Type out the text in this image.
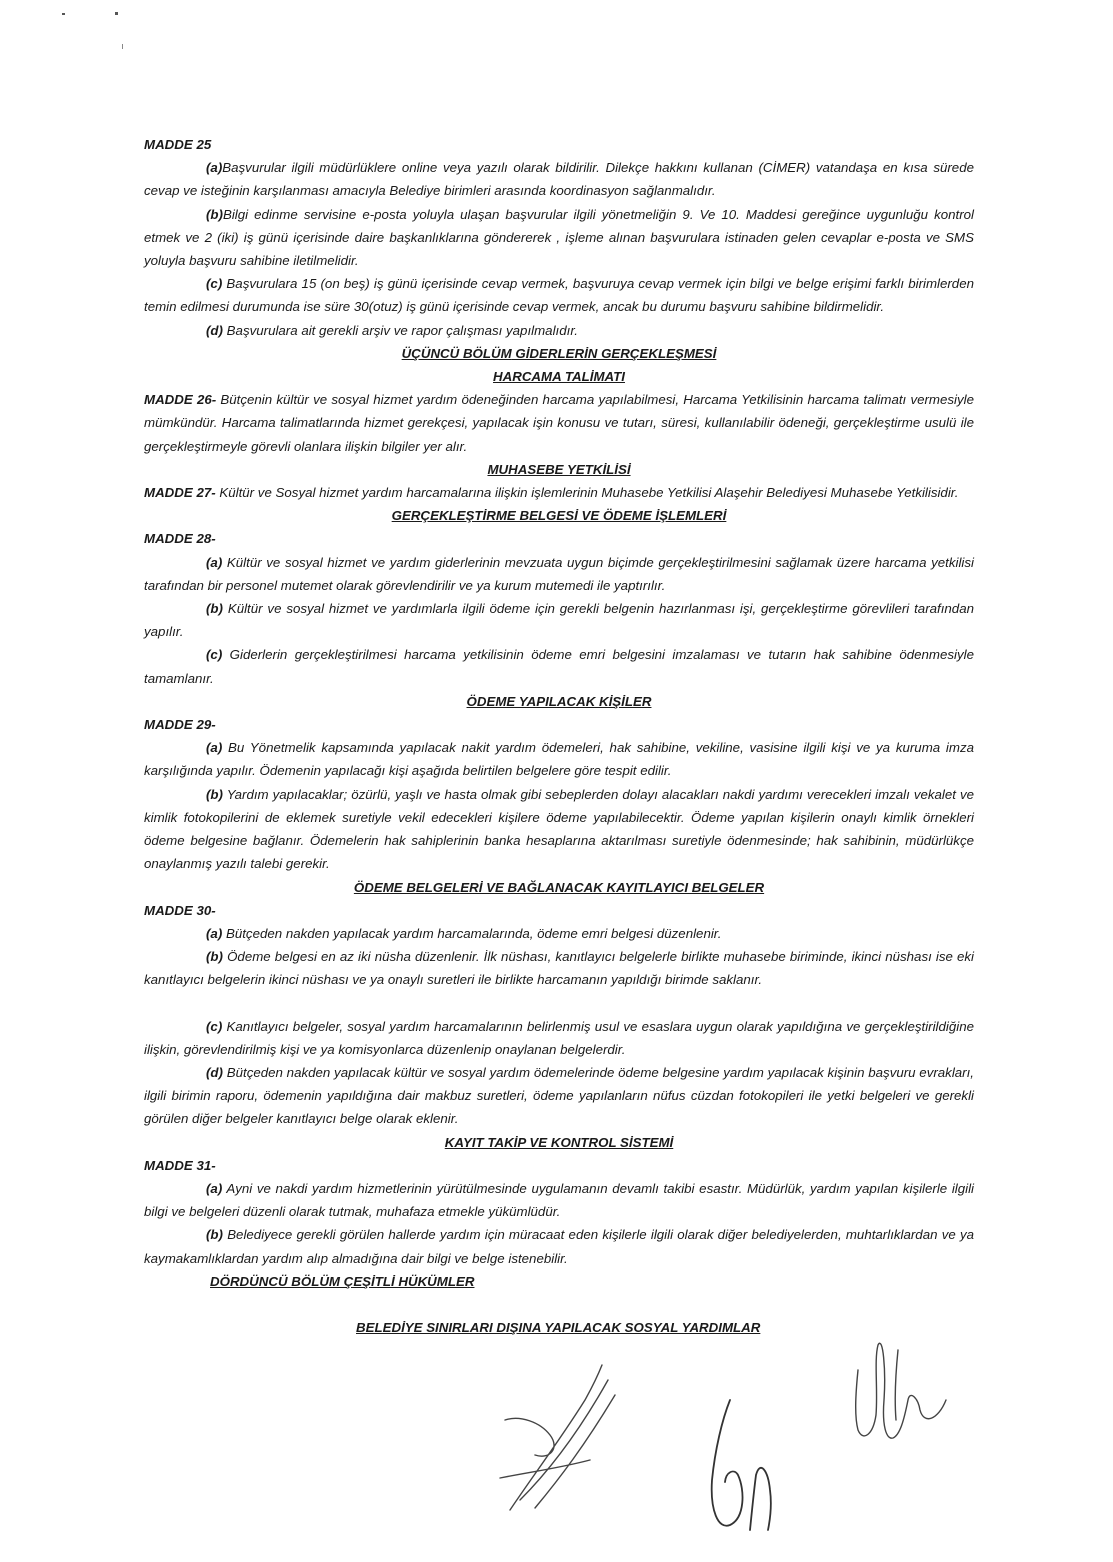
MADDE 25

(a)Başvurular ilgili müdürlüklere online veya yazılı olarak bildirilir. Dilekçe hakkını kullanan (CİMER) vatandaşa en kısa sürede cevap ve isteğinin karşılanması amacıyla Belediye birimleri arasında koordinasyon sağlanmalıdır.

(b)Bilgi edinme servisine e-posta yoluyla ulaşan başvurular ilgili yönetmeliğin 9. Ve 10. Maddesi gereğince uygunluğu kontrol etmek ve 2 (iki) iş günü içerisinde daire başkanlıklarına göndererek , işleme alınan başvurulara istinaden gelen cevaplar e-posta ve SMS yoluyla başvuru sahibine iletilmelidir.

(c) Başvurulara 15 (on beş) iş günü içerisinde cevap vermek, başvuruya cevap vermek için bilgi ve belge erişimi farklı birimlerden temin edilmesi durumunda ise süre 30(otuz) iş günü içerisinde cevap vermek, ancak bu durumu başvuru sahibine bildirmelidir.

(d) Başvurulara ait gerekli arşiv ve rapor çalışması yapılmalıdır.

ÜÇÜNCÜ BÖLÜM GİDERLERİN GERÇEKLEŞMESİ

HARCAMA TALİMATI

MADDE 26- Bütçenin kültür ve sosyal hizmet yardım ödeneğinden harcama yapılabilmesi, Harcama Yetkilisinin harcama talimatı vermesiyle mümkündür. Harcama talimatlarında hizmet gerekçesi, yapılacak işin konusu ve tutarı, süresi, kullanılabilir ödeneği, gerçekleştirme usulü ile gerçekleştirmeyle görevli olanlara ilişkin bilgiler yer alır.

MUHASEBE YETKİLİSİ

MADDE 27- Kültür ve Sosyal hizmet yardım harcamalarına ilişkin işlemlerinin Muhasebe Yetkilisi Alaşehir Belediyesi Muhasebe Yetkilisidir.

GERÇEKLEŞTİRME BELGESİ VE ÖDEME İŞLEMLERİ

MADDE 28-

(a) Kültür ve sosyal hizmet ve yardım giderlerinin mevzuata uygun biçimde gerçekleştirilmesini sağlamak üzere harcama yetkilisi tarafından bir personel mutemet olarak görevlendirilir ve ya kurum mutemedi ile yaptırılır.

(b) Kültür ve sosyal hizmet ve yardımlarla ilgili ödeme için gerekli belgenin hazırlanması işi, gerçekleştirme görevlileri tarafından yapılır.

(c) Giderlerin gerçekleştirilmesi harcama yetkilisinin ödeme emri belgesini imzalaması ve tutarın hak sahibine ödenmesiyle tamamlanır.

ÖDEME YAPILACAK KİŞİLER

MADDE 29-

(a) Bu Yönetmelik kapsamında yapılacak nakit yardım ödemeleri, hak sahibine, vekiline, vasisine ilgili kişi ve ya kuruma imza karşılığında yapılır. Ödemenin yapılacağı kişi aşağıda belirtilen belgelere göre tespit edilir.

(b) Yardım yapılacaklar; özürlü, yaşlı ve hasta olmak gibi sebeplerden dolayı alacakları nakdi yardımı verecekleri imzalı vekalet ve kimlik fotokopilerini de eklemek suretiyle vekil edecekleri kişilere ödeme yapılabilecektir. Ödeme yapılan kişilerin onaylı kimlik örnekleri ödeme belgesine bağlanır. Ödemelerin hak sahiplerinin banka hesaplarına aktarılması suretiyle ödenmesinde; hak sahibinin, müdürlükçe onaylanmış yazılı talebi gerekir.

ÖDEME BELGELERİ VE BAĞLANACAK KAYITLAYICI BELGELER

MADDE 30-

(a) Bütçeden nakden yapılacak yardım harcamalarında, ödeme emri belgesi düzenlenir.

(b) Ödeme belgesi en az iki nüsha düzenlenir. İlk nüshası, kanıtlayıcı belgelerle birlikte muhasebe biriminde, ikinci nüshası ise eki kanıtlayıcı belgelerin ikinci nüshası ve ya onaylı suretleri ile birlikte harcamanın yapıldığı birimde saklanır.

(c) Kanıtlayıcı belgeler, sosyal yardım harcamalarının belirlenmiş usul ve esaslara uygun olarak yapıldığına ve gerçekleştirildiğine ilişkin, görevlendirilmiş kişi ve ya komisyonlarca düzenlenip onaylanan belgelerdir.

(d) Bütçeden nakden yapılacak kültür ve sosyal yardım ödemelerinde ödeme belgesine yardım yapılacak kişinin başvuru evrakları, ilgili birimin raporu, ödemenin yapıldığına dair makbuz suretleri, ödeme yapılanların nüfus cüzdan fotokopileri ile yetki belgeleri ve gerekli görülen diğer belgeler kanıtlayıcı belge olarak eklenir.

KAYIT TAKİP VE KONTROL SİSTEMİ

MADDE 31-

(a) Ayni ve nakdi yardım hizmetlerinin yürütülmesinde uygulamanın devamlı takibi esastır. Müdürlük, yardım yapılan kişilerle ilgili bilgi ve belgeleri düzenli olarak tutmak, muhafaza etmekle yükümlüdür.

(b) Belediyece gerekli görülen hallerde yardım için müracaat eden kişilerle ilgili olarak diğer belediyelerden, muhtarlıklardan ve ya kaymakamlıklardan yardım alıp almadığına dair bilgi ve belge istenebilir.

DÖRDÜNCÜ BÖLÜM ÇEŞİTLİ HÜKÜMLER

BELEDİYE SINIRLARI DIŞINA YAPILACAK SOSYAL YARDIMLAR
